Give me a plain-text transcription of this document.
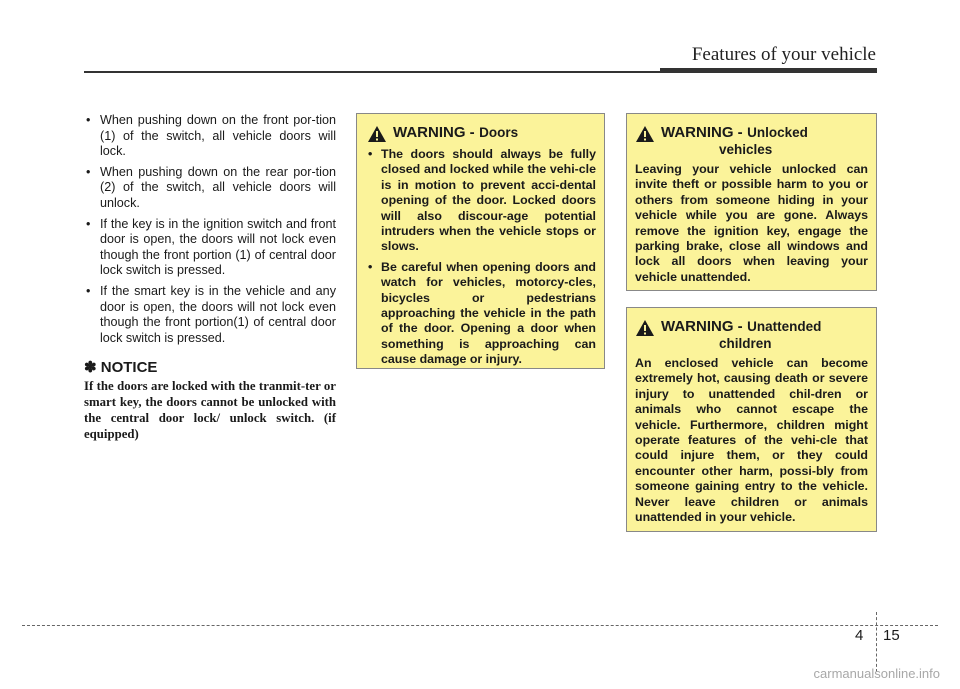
Features of your vehicle
• When pushing down on the front por-tion (1) of the switch, all vehicle doors will lock.
• When pushing down on the rear por-tion (2) of the switch, all vehicle doors will unlock.
• If the key is in the ignition switch and front door is open, the doors will not lock even though the front portion (1) of central door lock switch is pressed.
• If the smart key is in the vehicle and any door is open, the doors will not lock even though the front portion(1) of central door lock switch is pressed.
✽ NOTICE
If the doors are locked with the tranmit-ter or smart key, the doors cannot be unlocked with the central door lock/ unlock switch. (if equipped)
WARNING - Doors
• The doors should always be fully closed and locked while the vehi-cle is in motion to prevent acci-dental opening of the door. Locked doors will also discour-age potential intruders when the vehicle stops or slows.
• Be careful when opening doors and watch for vehicles, motorcy-cles, bicycles or pedestrians approaching the vehicle in the path of the door. Opening a door when something is approaching can cause damage or injury.
WARNING - Unlocked
vehicles

Leaving your vehicle unlocked can invite theft or possible harm to you or others from someone hiding in your vehicle while you are gone. Always remove the ignition key, engage the parking brake, close all windows and lock all doors when leaving your vehicle unattended.

WARNING - Unattended
children

An enclosed vehicle can become extremely hot, causing death or severe injury to unattended chil-dren or animals who cannot escape the vehicle. Furthermore, children might operate features of the vehi-cle that could injure them, or they could encounter other harm, possi-bly from someone gaining entry to the vehicle. Never leave children or animals unattended in your vehicle.

4 15
carmanualsonline.info
